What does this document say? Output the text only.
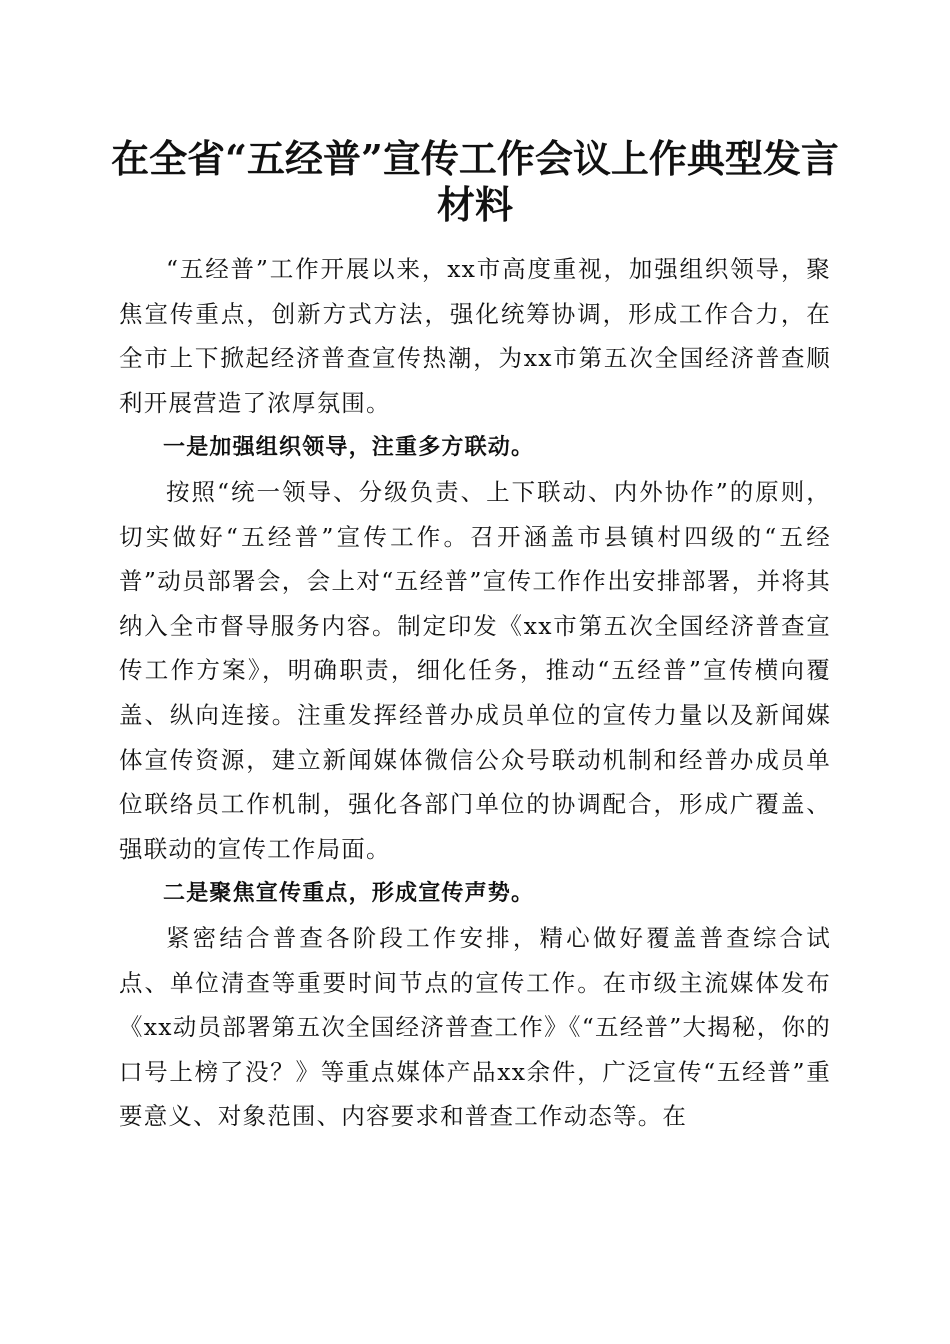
在全省“五经普”宣传工作会议上作典型发言
材料

“五经普”工作开展以来，xx市高度重视，加强组织领导，聚焦宣传重点，创新方式方法，强化统筹协调，形成工作合力，在全市上下掀起经济普查宣传热潮，为xx市第五次全国经济普查顺利开展营造了浓厚氛围。

一是加强组织领导，注重多方联动。

按照“统一领导、分级负责、上下联动、内外协作”的原则，切实做好“五经普”宣传工作。召开涵盖市县镇村四级的“五经普”动员部署会，会上对“五经普”宣传工作作出安排部署，并将其纳入全市督导服务内容。制定印发《xx市第五次全国经济普查宣传工作方案》，明确职责，细化任务，推动“五经普”宣传横向覆盖、纵向连接。注重发挥经普办成员单位的宣传力量以及新闻媒体宣传资源，建立新闻媒体微信公众号联动机制和经普办成员单位联络员工作机制，强化各部门单位的协调配合，形成广覆盖、强联动的宣传工作局面。

二是聚焦宣传重点，形成宣传声势。

紧密结合普查各阶段工作安排，精心做好覆盖普查综合试点、单位清查等重要时间节点的宣传工作。在市级主流媒体发布《xx动员部署第五次全国经济普查工作》《“五经普”大揭秘，你的口号上榜了没？》等重点媒体产品xx余件，广泛宣传“五经普”重要意义、对象范围、内容要求和普查工作动态等。在
